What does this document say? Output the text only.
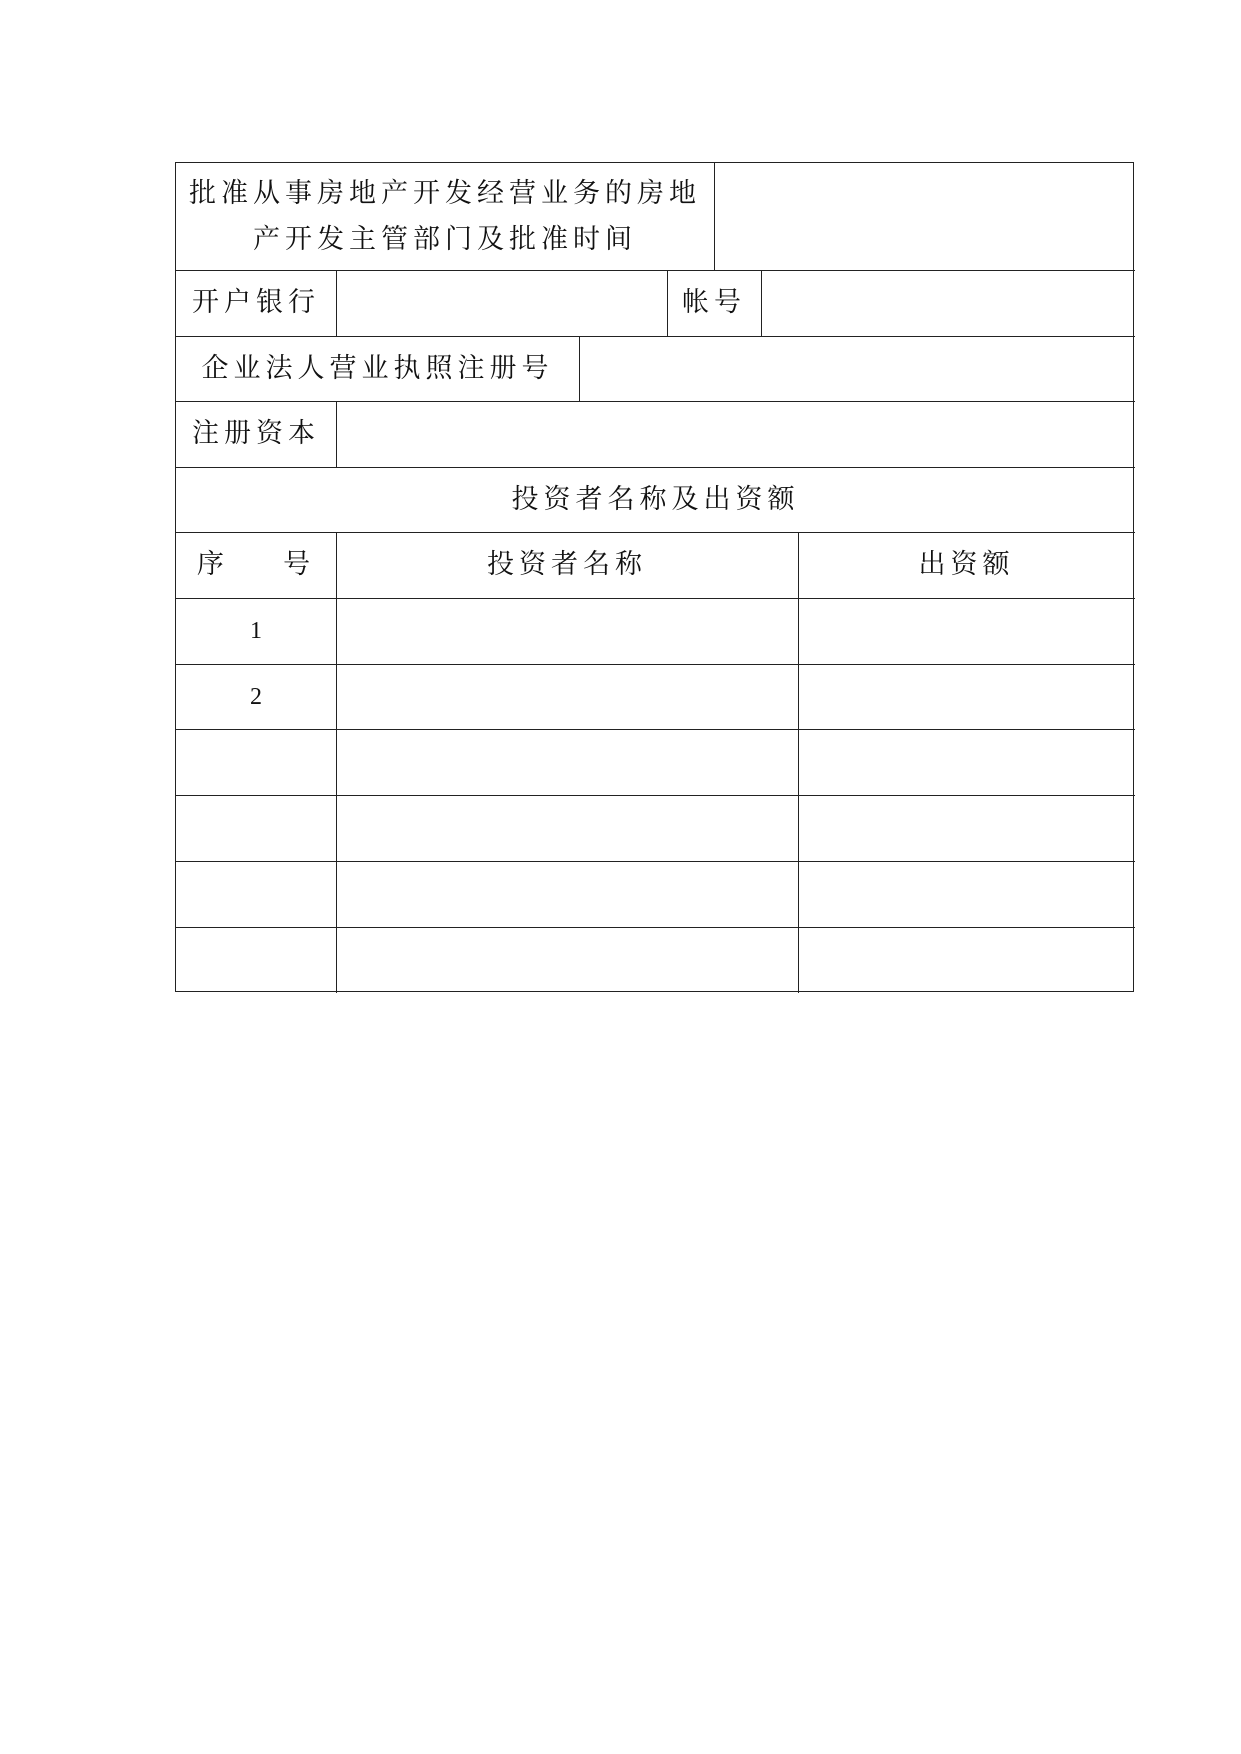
批准从事房地产开发经营业务的房地
产开发主管部门及批准时间
开户银行	帐号
企业法人营业执照注册号
注册资本
投资者名称及出资额
序    号	投资者名称	出资额
1
2
